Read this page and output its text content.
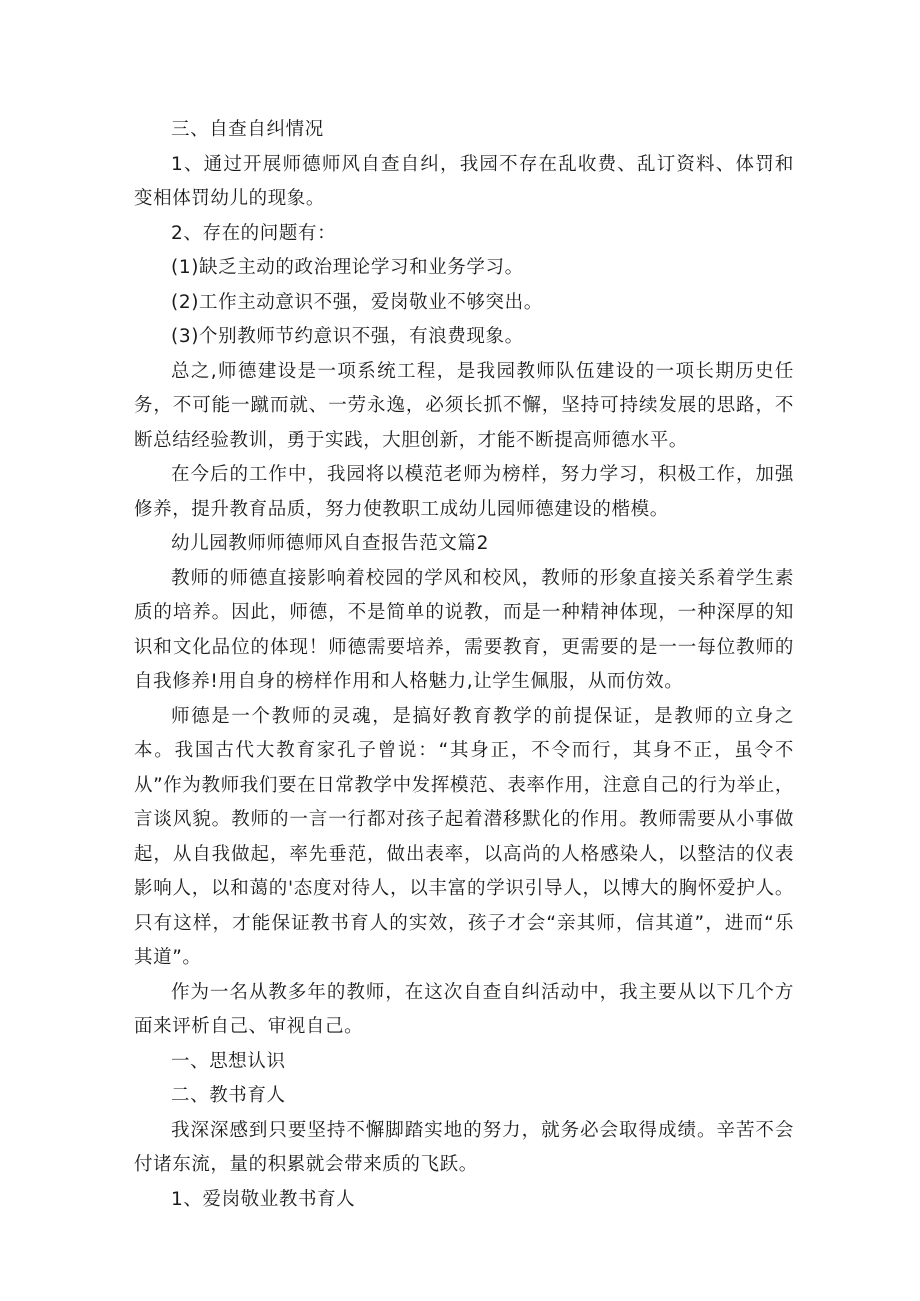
三、自查自纠情况

1、通过开展师德师风自查自纠，我园不存在乱收费、乱订资料、体罚和变相体罚幼儿的现象。

2、存在的问题有：

(1)缺乏主动的政治理论学习和业务学习。

(2)工作主动意识不强，爱岗敬业不够突出。

(3)个别教师节约意识不强，有浪费现象。

总之,师德建设是一项系统工程，是我园教师队伍建设的一项长期历史任务，不可能一蹴而就、一劳永逸，必须长抓不懈，坚持可持续发展的思路，不断总结经验教训，勇于实践，大胆创新，才能不断提高师德水平。

在今后的工作中，我园将以模范老师为榜样，努力学习，积极工作，加强修养，提升教育品质，努力使教职工成幼儿园师德建设的楷模。

幼儿园教师师德师风自查报告范文篇2

教师的师德直接影响着校园的学风和校风，教师的形象直接关系着学生素质的培养。因此，师德，不是简单的说教，而是一种精神体现，一种深厚的知识和文化品位的体现！师德需要培养，需要教育，更需要的是一一每位教师的自我修养!用自身的榜样作用和人格魅力,让学生佩服，从而仿效。

师德是一个教师的灵魂，是搞好教育教学的前提保证，是教师的立身之本。我国古代大教育家孔子曾说：“其身正，不令而行，其身不正，虽令不从”作为教师我们要在日常教学中发挥模范、表率作用，注意自己的行为举止，言谈风貌。教师的一言一行都对孩子起着潜移默化的作用。教师需要从小事做起，从自我做起，率先垂范，做出表率，以高尚的人格感染人，以整洁的仪表影响人，以和蔼的'态度对待人，以丰富的学识引导人，以博大的胸怀爱护人。只有这样，才能保证教书育人的实效，孩子才会“亲其师，信其道”，进而“乐其道”。

作为一名从教多年的教师，在这次自查自纠活动中，我主要从以下几个方面来评析自己、审视自己。

一、思想认识

二、教书育人

我深深感到只要坚持不懈脚踏实地的努力，就务必会取得成绩。辛苦不会付诸东流，量的积累就会带来质的飞跃。

1、爱岗敬业教书育人
